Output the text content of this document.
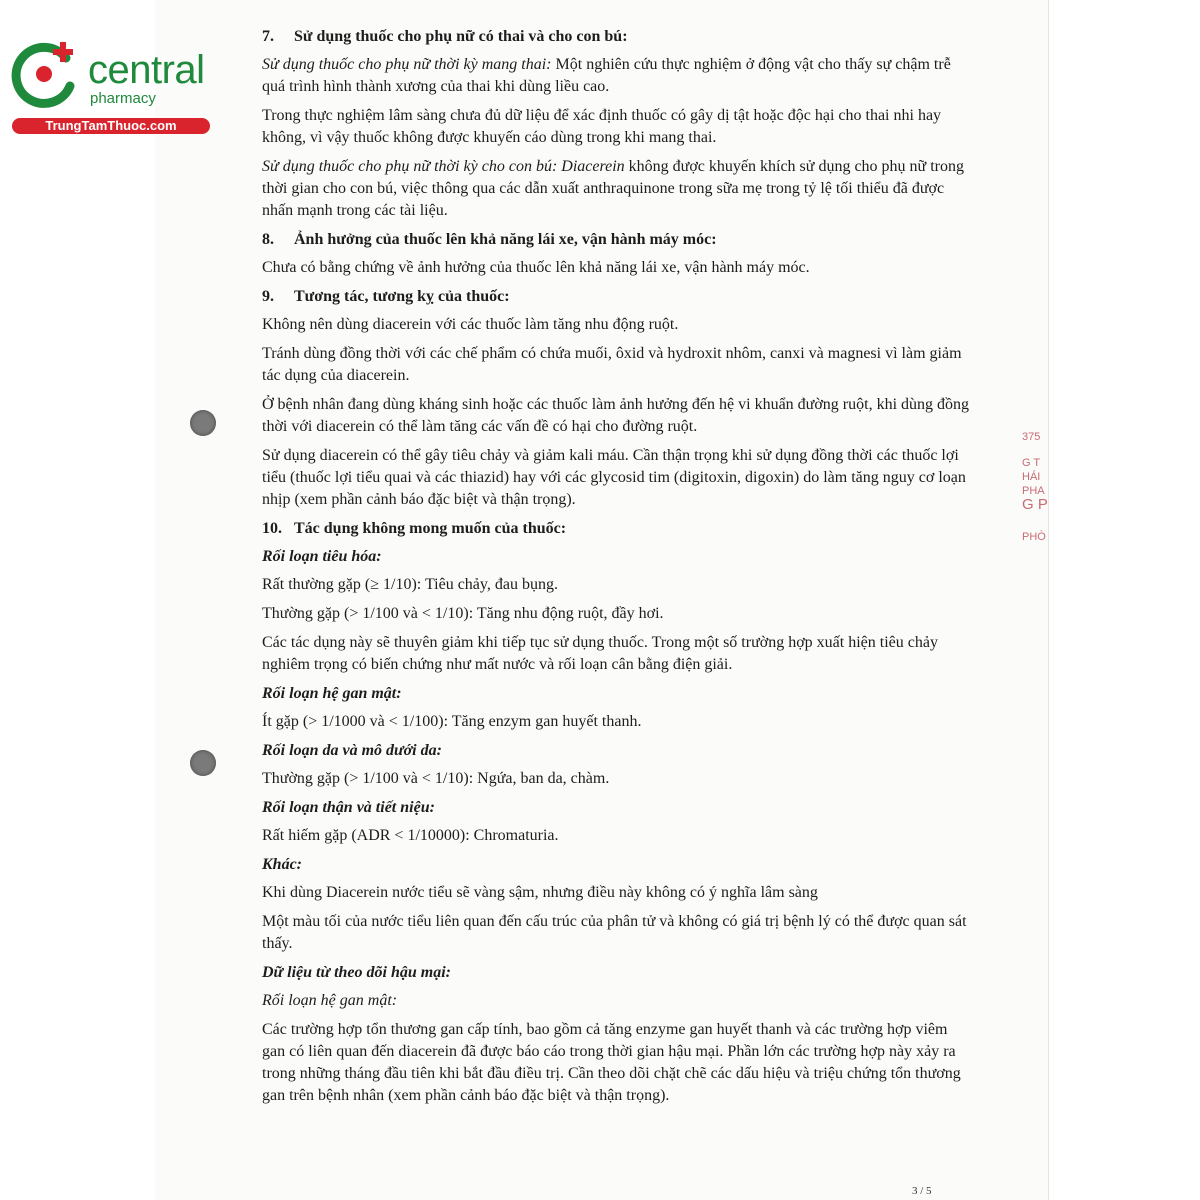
central
pharmacy
TrungTamThuoc.com
7. Sử dụng thuốc cho phụ nữ có thai và cho con bú:

Sử dụng thuốc cho phụ nữ thời kỳ mang thai: Một nghiên cứu thực nghiệm ở động vật cho thấy sự chậm trễ quá trình hình thành xương của thai khi dùng liều cao.

Trong thực nghiệm lâm sàng chưa đủ dữ liệu để xác định thuốc có gây dị tật hoặc độc hại cho thai nhi hay không, vì vậy thuốc không được khuyến cáo dùng trong khi mang thai.

Sử dụng thuốc cho phụ nữ thời kỳ cho con bú: Diacerein không được khuyến khích sử dụng cho phụ nữ trong thời gian cho con bú, việc thông qua các dẫn xuất anthraquinone trong sữa mẹ trong tỷ lệ tối thiểu đã được nhấn mạnh trong các tài liệu.

8. Ảnh hưởng của thuốc lên khả năng lái xe, vận hành máy móc:

Chưa có bằng chứng về ảnh hưởng của thuốc lên khả năng lái xe, vận hành máy móc.

9. Tương tác, tương kỵ của thuốc:

Không nên dùng diacerein với các thuốc làm tăng nhu động ruột.

Tránh dùng đồng thời với các chế phẩm có chứa muối, ôxid và hydroxit nhôm, canxi và magnesi vì làm giảm tác dụng của diacerein.

Ở bệnh nhân đang dùng kháng sinh hoặc các thuốc làm ảnh hưởng đến hệ vi khuẩn đường ruột, khi dùng đồng thời với diacerein có thể làm tăng các vấn đề có hại cho đường ruột.

Sử dụng diacerein có thể gây tiêu chảy và giảm kali máu. Cần thận trọng khi sử dụng đồng thời các thuốc lợi tiểu (thuốc lợi tiểu quai và các thiazid) hay với các glycosid tim (digitoxin, digoxin) do làm tăng nguy cơ loạn nhịp (xem phần cảnh báo đặc biệt và thận trọng).

10. Tác dụng không mong muốn của thuốc:
Rối loạn tiêu hóa:

Rất thường gặp (≥ 1/10): Tiêu chảy, đau bụng.

Thường gặp (> 1/100 và < 1/10): Tăng nhu động ruột, đầy hơi.

Các tác dụng này sẽ thuyên giảm khi tiếp tục sử dụng thuốc. Trong một số trường hợp xuất hiện tiêu chảy nghiêm trọng có biến chứng như mất nước và rối loạn cân bằng điện giải.

Rối loạn hệ gan mật:

Ít gặp (> 1/1000 và < 1/100): Tăng enzym gan huyết thanh.

Rối loạn da và mô dưới da:

Thường gặp (> 1/100 và < 1/10): Ngứa, ban da, chàm.

Rối loạn thận và tiết niệu:

Rất hiếm gặp (ADR < 1/10000): Chromaturia.

Khác:

Khi dùng Diacerein nước tiểu sẽ vàng sậm, nhưng điều này không có ý nghĩa lâm sàng

Một màu tối của nước tiểu liên quan đến cấu trúc của phân tử và không có giá trị bệnh lý có thể được quan sát thấy.

Dữ liệu từ theo dõi hậu mại:

Rối loạn hệ gan mật:

Các trường hợp tổn thương gan cấp tính, bao gồm cả tăng enzyme gan huyết thanh và các trường hợp viêm gan có liên quan đến diacerein đã được báo cáo trong thời gian hậu mại. Phần lớn các trường hợp này xảy ra trong những tháng đầu tiên khi bắt đầu điều trị. Cần theo dõi chặt chẽ các dấu hiệu và triệu chứng tổn thương gan trên bệnh nhân (xem phần cảnh báo đặc biệt và thận trọng).

375
G T
HÁI
PHA
G P
PHÒ
3 / 5
